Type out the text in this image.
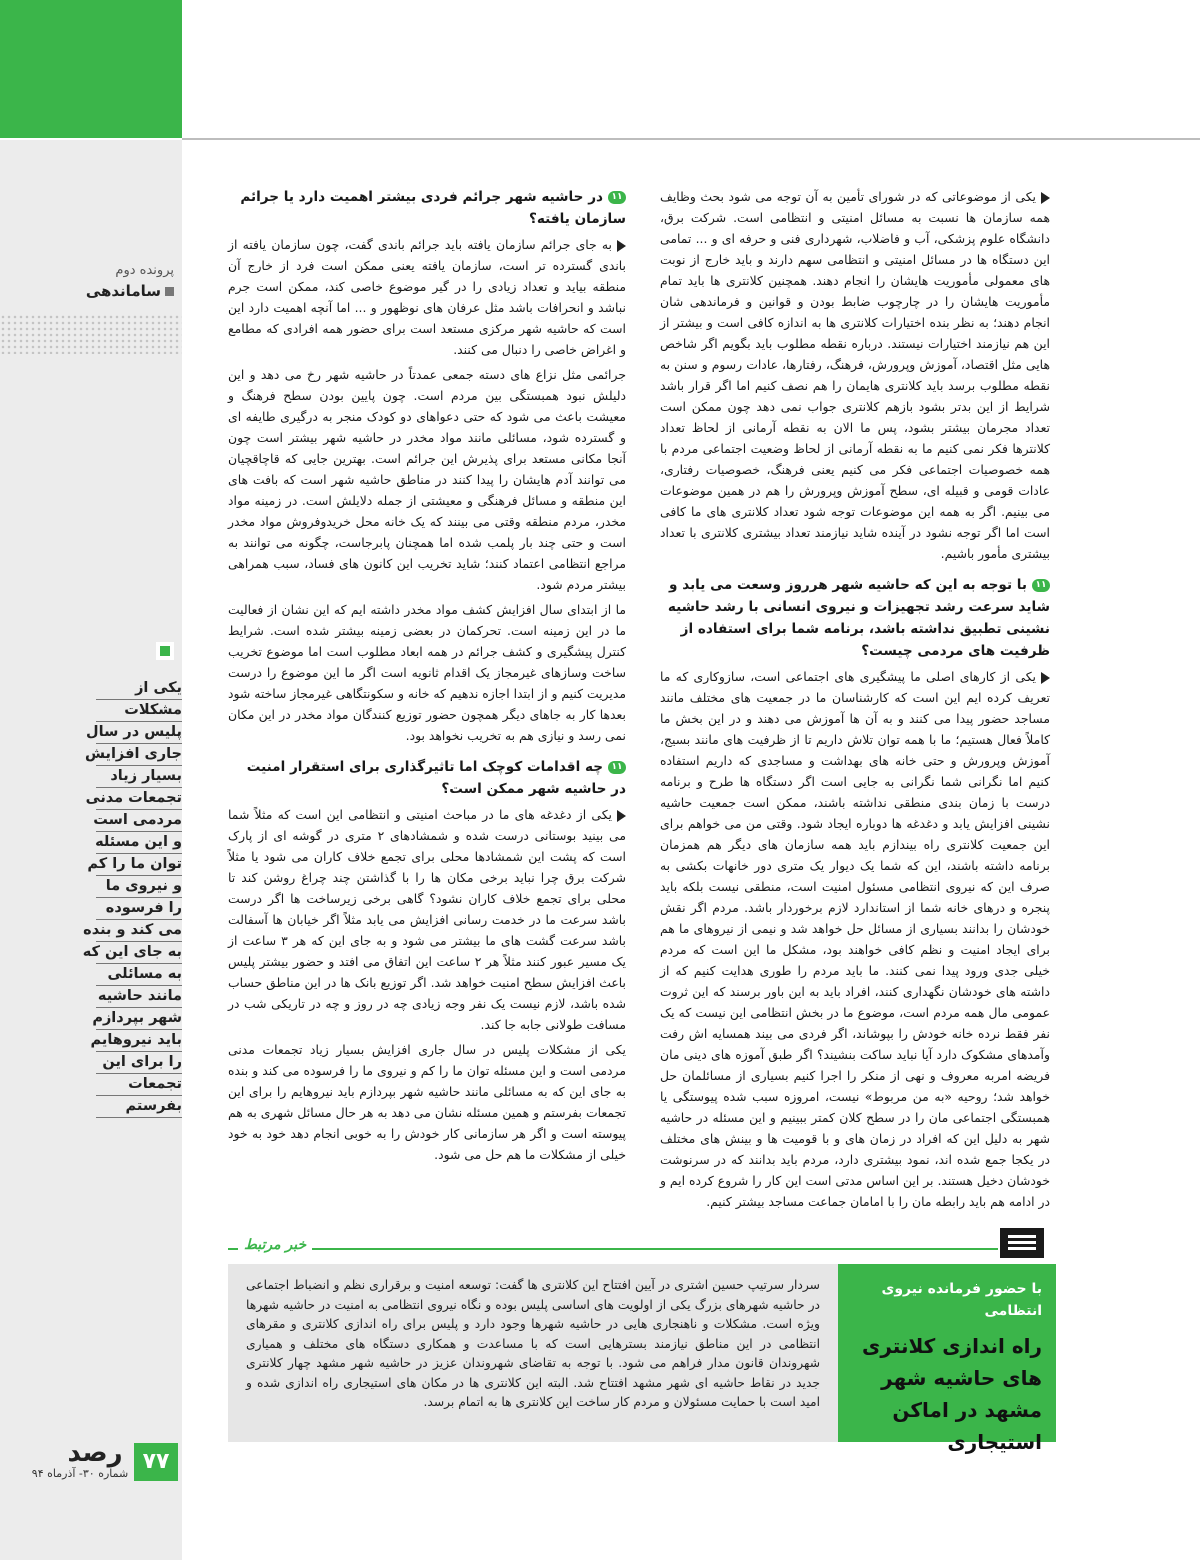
پرونده دوم
ساماندهی
یکی از
مشکلات
پلیس در سال
جاری افزایش
بسیار زیاد
تجمعات مدنی
مردمی است
و این مسئله
توان ما را کم
و نیروی ما
را فرسوده
می کند و بنده
به جای این که
به مسائلی
مانند حاشیه
شهر بپردازم
باید نیروهایم
را برای این
تجمعات
بفرستم

یکی از موضوعاتی که در شورای تأمین به آن توجه می شود بحث وظایف همه سازمان ها نسبت به مسائل امنیتی و انتظامی است. شرکت برق، دانشگاه علوم پزشکی، آب و فاضلاب، شهرداری فنی و حرفه ای و ... تمامی این دستگاه ها در مسائل امنیتی و انتظامی سهم دارند و باید خارج از نوبت های معمولی مأموریت هایشان را انجام دهند. همچنین کلانتری ها باید تمام مأموریت هایشان را در چارچوب ضابط بودن و قوانین و فرماندهی شان انجام دهند؛ به نظر بنده اختیارات کلانتری ها به اندازه کافی است و بیشتر از این هم نیازمند اختیارات نیستند. درباره نقطه مطلوب باید بگویم اگر شاخص هایی مثل اقتصاد، آموزش وپرورش، فرهنگ، رفتارها، عادات رسوم و سنن به نقطه مطلوب برسد باید کلانتری هایمان را هم نصف کنیم اما اگر قرار باشد شرایط از این بدتر بشود بازهم کلانتری جواب نمی دهد چون ممکن است تعداد مجرمان بیشتر بشود، پس ما الان به نقطه آرمانی از لحاظ تعداد کلانترها فکر نمی کنیم ما به نقطه آرمانی از لحاظ وضعیت اجتماعی مردم با همه خصوصیات اجتماعی فکر می کنیم یعنی فرهنگ، خصوصیات رفتاری، عادات قومی و قبیله ای، سطح آموزش وپرورش را هم در همین موضوعات می بینیم. اگر به همه این موضوعات توجه شود تعداد کلانتری های ما کافی است اما اگر توجه نشود در آینده شاید نیازمند تعداد بیشتری کلانتری با تعداد بیشتری مأمور باشیم.

۱۱با توجه به این که حاشیه شهر هرروز وسعت می یابد و شاید سرعت رشد تجهیزات و نیروی انسانی با رشد حاشیه نشینی تطبیق نداشته باشد، برنامه شما برای استفاده از ظرفیت های مردمی چیست؟

یکی از کارهای اصلی ما پیشگیری های اجتماعی است، سازوکاری که ما تعریف کرده ایم این است که کارشناسان ما در جمعیت های مختلف مانند مساجد حضور پیدا می کنند و به آن ها آموزش می دهند و در این بخش ما کاملاً فعال هستیم؛ ما با همه توان تلاش داریم تا از ظرفیت های مانند بسیج، آموزش وپرورش و حتی خانه های بهداشت و مساجدی که داریم استفاده کنیم اما نگرانی شما نگرانی به جایی است اگر دستگاه ها طرح و برنامه درست با زمان بندی منطقی نداشته باشند، ممکن است جمعیت حاشیه نشینی افزایش یابد و دغدغه ها دوباره ایجاد شود. وقتی من می خواهم برای این جمعیت کلانتری راه بیندازم باید همه سازمان های دیگر هم همزمان برنامه داشته باشند، این که شما یک دیوار یک متری دور خانهات بکشی به صرف این که نیروی انتظامی مسئول امنیت است، منطقی نیست بلکه باید پنجره و درهای خانه شما از استاندارد لازم برخوردار باشد. مردم اگر نقش خودشان را بدانند بسیاری از مسائل حل خواهد شد و نیمی از نیروهای ما هم برای ایجاد امنیت و نظم کافی خواهند بود، مشکل ما این است که مردم خیلی جدی ورود پیدا نمی کنند. ما باید مردم را طوری هدایت کنیم که از داشته های خودشان نگهداری کنند، افراد باید به این باور برسند که این ثروت عمومی مال همه مردم است، موضوع ما در بخش انتظامی این نیست که یک نفر فقط نرده خانه خودش را بپوشاند، اگر فردی می بیند همسایه اش رفت وآمدهای مشکوک دارد آیا نباید ساکت بنشیند؟ اگر طبق آموزه های دینی مان فریضه امربه معروف و نهی از منکر را اجرا کنیم بسیاری از مسائلمان حل خواهد شد؛ روحیه «به من مربوط» نیست، امروزه سبب شده پیوستگی یا همبستگی اجتماعی مان را در سطح کلان کمتر ببینیم و این مسئله در حاشیه شهر به دلیل این که افراد در زمان های و با قومیت ها و بینش های مختلف در یکجا جمع شده اند، نمود بیشتری دارد، مردم باید بدانند که در سرنوشت خودشان دخیل هستند. بر این اساس مدتی است این کار را شروع کرده ایم و در ادامه هم باید رابطه مان را با امامان جماعت مساجد بیشتر کنیم.

۱۱در حاشیه شهر جرائم فردی بیشتر اهمیت دارد یا جرائم سازمان یافته؟

به جای جرائم سازمان یافته باید جرائم باندی گفت، چون سازمان یافته از باندی گسترده تر است، سازمان یافته یعنی ممکن است فرد از خارج آن منطقه بیاید و تعداد زیادی را در گیر موضوع خاصی کند، ممکن است جرم نباشد و انحرافات باشد مثل عرفان های نوظهور و ... اما آنچه اهمیت دارد این است که حاشیه شهر مرکزی مستعد است برای حضور همه افرادی که مطامع و اغراض خاصی را دنبال می کنند.

جرائمی مثل نزاع های دسته جمعی عمدتاً در حاشیه شهر رخ می دهد و این دلیلش نبود همبستگی بین مردم است. چون پایین بودن سطح فرهنگ و معیشت باعث می شود که حتی دعواهای دو کودک منجر به درگیری طایفه ای و گسترده شود، مسائلی مانند مواد مخدر در حاشیه شهر بیشتر است چون آنجا مکانی مستعد برای پذیرش این جرائم است. بهترین جایی که قاچاقچیان می توانند آدم هایشان را پیدا کنند در مناطق حاشیه شهر است که بافت های این منطقه و مسائل فرهنگی و معیشتی از جمله دلایلش است. در زمینه مواد مخدر، مردم منطقه وقتی می بینند که یک خانه محل خریدوفروش مواد مخدر است و حتی چند بار پلمب شده اما همچنان پابرجاست، چگونه می توانند به مراجع انتظامی اعتماد کنند؛ شاید تخریب این کانون های فساد، سبب همراهی بیشتر مردم شود.

ما از ابتدای سال افزایش کشف مواد مخدر داشته ایم که این نشان از فعالیت ما در این زمینه است. تحرکمان در بعضی زمینه بیشتر شده است. شرایط کنترل پیشگیری و کشف جرائم در همه ابعاد مطلوب است اما موضوع تخریب ساخت وسازهای غیرمجاز یک اقدام ثانویه است اگر ما این موضوع را درست مدیریت کنیم و از ابتدا اجازه ندهیم که خانه و سکونتگاهی غیرمجاز ساخته شود بعدها کار به جاهای دیگر همچون حضور توزیع کنندگان مواد مخدر در این مکان نمی رسد و نیازی هم به تخریب نخواهد بود.

۱۱چه اقدامات کوچک اما تاثیرگذاری برای استقرار امنیت در حاشیه شهر ممکن است؟

یکی از دغدغه های ما در مباحث امنیتی و انتظامی این است که مثلاً شما می بینید بوستانی درست شده و شمشادهای ۲ متری در گوشه ای از پارک است که پشت این شمشادها محلی برای تجمع خلاف کاران می شود یا مثلاً شرکت برق چرا نباید برخی مکان ها را با گذاشتن چند چراغ روشن کند تا محلی برای تجمع خلاف کاران نشود؟ گاهی برخی زیرساخت ها اگر درست باشد سرعت ما در خدمت رسانی افزایش می یابد مثلاً اگر خیابان ها آسفالت باشد سرعت گشت های ما بیشتر می شود و به جای این که هر ۳ ساعت از یک مسیر عبور کنند مثلاً هر ۲ ساعت این اتفاق می افتد و حضور بیشتر پلیس باعث افزایش سطح امنیت خواهد شد. اگر توزیع بانک ها در این مناطق حساب شده باشد، لازم نیست یک نفر وجه زیادی چه در روز و چه در تاریکی شب در مسافت طولانی جابه جا کند.

یکی از مشکلات پلیس در سال جاری افزایش بسیار زیاد تجمعات مدنی مردمی است و این مسئله توان ما را کم و نیروی ما را فرسوده می کند و بنده به جای این که به مسائلی مانند حاشیه شهر بپردازم باید نیروهایم را برای این تجمعات بفرستم و همین مسئله نشان می دهد به هر حال مسائل شهری به هم پیوسته است و اگر هر سازمانی کار خودش را به خوبی انجام دهد خود به خود خیلی از مشکلات ما هم حل می شود.

خبر مرتبط

سردار سرتیپ حسین اشتری در آیین افتتاح این کلانتری ها گفت: توسعه امنیت و برقراری نظم و انضباط اجتماعی در حاشیه شهرهای بزرگ یکی از اولویت های اساسی پلیس بوده و نگاه نیروی انتظامی به امنیت در حاشیه شهرها ویژه است. مشکلات و ناهنجاری هایی در حاشیه شهرها وجود دارد و پلیس برای راه اندازی کلانتری و مقرهای انتظامی در این مناطق نیازمند بسترهایی است که با مساعدت و همکاری دستگاه های مختلف و همیاری شهروندان قانون مدار فراهم می شود. با توجه به تقاضای شهروندان عزیز در حاشیه شهر مشهد چهار کلانتری جدید در نقاط حاشیه ای شهر مشهد افتتاح شد. البته این کلانتری ها در مکان های استیجاری راه اندازی شده و امید است با حمایت مسئولان و مردم کار ساخت این کلانتری ها به اتمام برسد.

با حضور فرمانده نیروی انتظامی
راه اندازی کلانتری های حاشیه شهر مشهد در اماکن استیجاری
رصد
شماره ۳۰- آذرماه ۹۴ ۷۷
